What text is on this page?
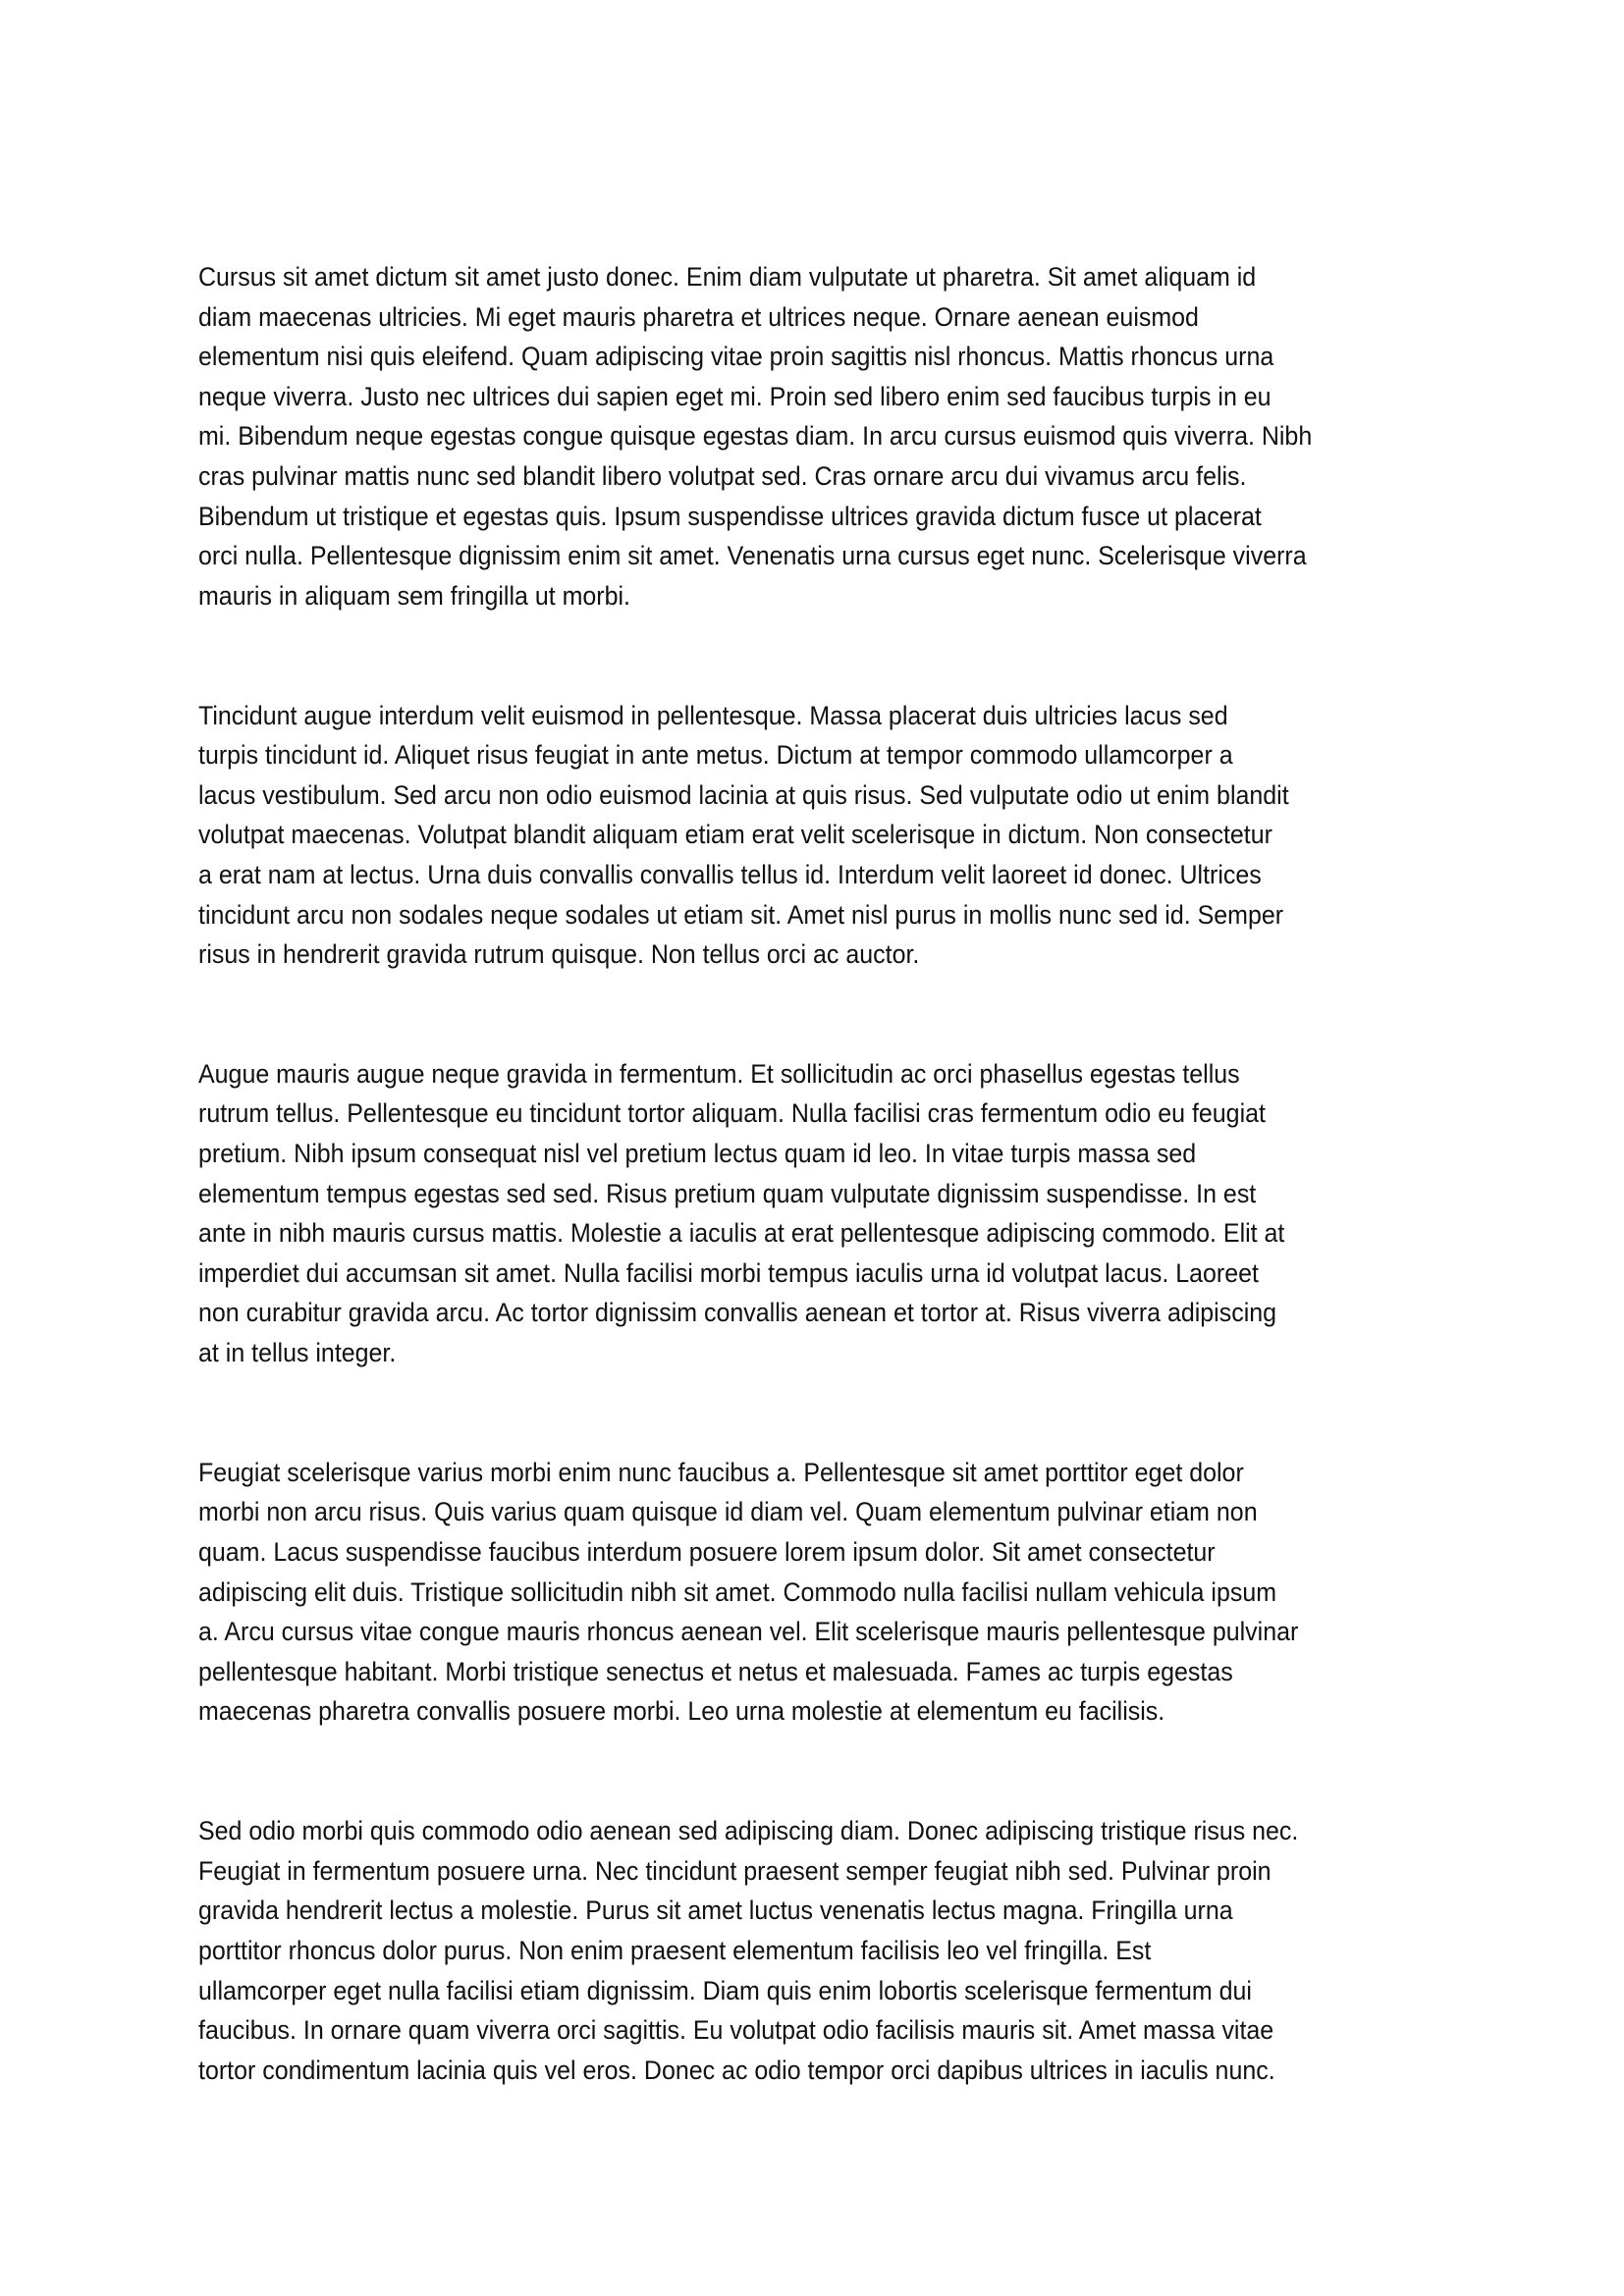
Cursus sit amet dictum sit amet justo donec. Enim diam vulputate ut pharetra. Sit amet aliquam id
diam maecenas ultricies. Mi eget mauris pharetra et ultrices neque. Ornare aenean euismod
elementum nisi quis eleifend. Quam adipiscing vitae proin sagittis nisl rhoncus. Mattis rhoncus urna
neque viverra. Justo nec ultrices dui sapien eget mi. Proin sed libero enim sed faucibus turpis in eu
mi. Bibendum neque egestas congue quisque egestas diam. In arcu cursus euismod quis viverra. Nibh
cras pulvinar mattis nunc sed blandit libero volutpat sed. Cras ornare arcu dui vivamus arcu felis.
Bibendum ut tristique et egestas quis. Ipsum suspendisse ultrices gravida dictum fusce ut placerat
orci nulla. Pellentesque dignissim enim sit amet. Venenatis urna cursus eget nunc. Scelerisque viverra
mauris in aliquam sem fringilla ut morbi.

Tincidunt augue interdum velit euismod in pellentesque. Massa placerat duis ultricies lacus sed
turpis tincidunt id. Aliquet risus feugiat in ante metus. Dictum at tempor commodo ullamcorper a
lacus vestibulum. Sed arcu non odio euismod lacinia at quis risus. Sed vulputate odio ut enim blandit
volutpat maecenas. Volutpat blandit aliquam etiam erat velit scelerisque in dictum. Non consectetur
a erat nam at lectus. Urna duis convallis convallis tellus id. Interdum velit laoreet id donec. Ultrices
tincidunt arcu non sodales neque sodales ut etiam sit. Amet nisl purus in mollis nunc sed id. Semper
risus in hendrerit gravida rutrum quisque. Non tellus orci ac auctor.

Augue mauris augue neque gravida in fermentum. Et sollicitudin ac orci phasellus egestas tellus
rutrum tellus. Pellentesque eu tincidunt tortor aliquam. Nulla facilisi cras fermentum odio eu feugiat
pretium. Nibh ipsum consequat nisl vel pretium lectus quam id leo. In vitae turpis massa sed
elementum tempus egestas sed sed. Risus pretium quam vulputate dignissim suspendisse. In est
ante in nibh mauris cursus mattis. Molestie a iaculis at erat pellentesque adipiscing commodo. Elit at
imperdiet dui accumsan sit amet. Nulla facilisi morbi tempus iaculis urna id volutpat lacus. Laoreet
non curabitur gravida arcu. Ac tortor dignissim convallis aenean et tortor at. Risus viverra adipiscing
at in tellus integer.

Feugiat scelerisque varius morbi enim nunc faucibus a. Pellentesque sit amet porttitor eget dolor
morbi non arcu risus. Quis varius quam quisque id diam vel. Quam elementum pulvinar etiam non
quam. Lacus suspendisse faucibus interdum posuere lorem ipsum dolor. Sit amet consectetur
adipiscing elit duis. Tristique sollicitudin nibh sit amet. Commodo nulla facilisi nullam vehicula ipsum
a. Arcu cursus vitae congue mauris rhoncus aenean vel. Elit scelerisque mauris pellentesque pulvinar
pellentesque habitant. Morbi tristique senectus et netus et malesuada. Fames ac turpis egestas
maecenas pharetra convallis posuere morbi. Leo urna molestie at elementum eu facilisis.

Sed odio morbi quis commodo odio aenean sed adipiscing diam. Donec adipiscing tristique risus nec.
Feugiat in fermentum posuere urna. Nec tincidunt praesent semper feugiat nibh sed. Pulvinar proin
gravida hendrerit lectus a molestie. Purus sit amet luctus venenatis lectus magna. Fringilla urna
porttitor rhoncus dolor purus. Non enim praesent elementum facilisis leo vel fringilla. Est
ullamcorper eget nulla facilisi etiam dignissim. Diam quis enim lobortis scelerisque fermentum dui
faucibus. In ornare quam viverra orci sagittis. Eu volutpat odio facilisis mauris sit. Amet massa vitae
tortor condimentum lacinia quis vel eros. Donec ac odio tempor orci dapibus ultrices in iaculis nunc.
